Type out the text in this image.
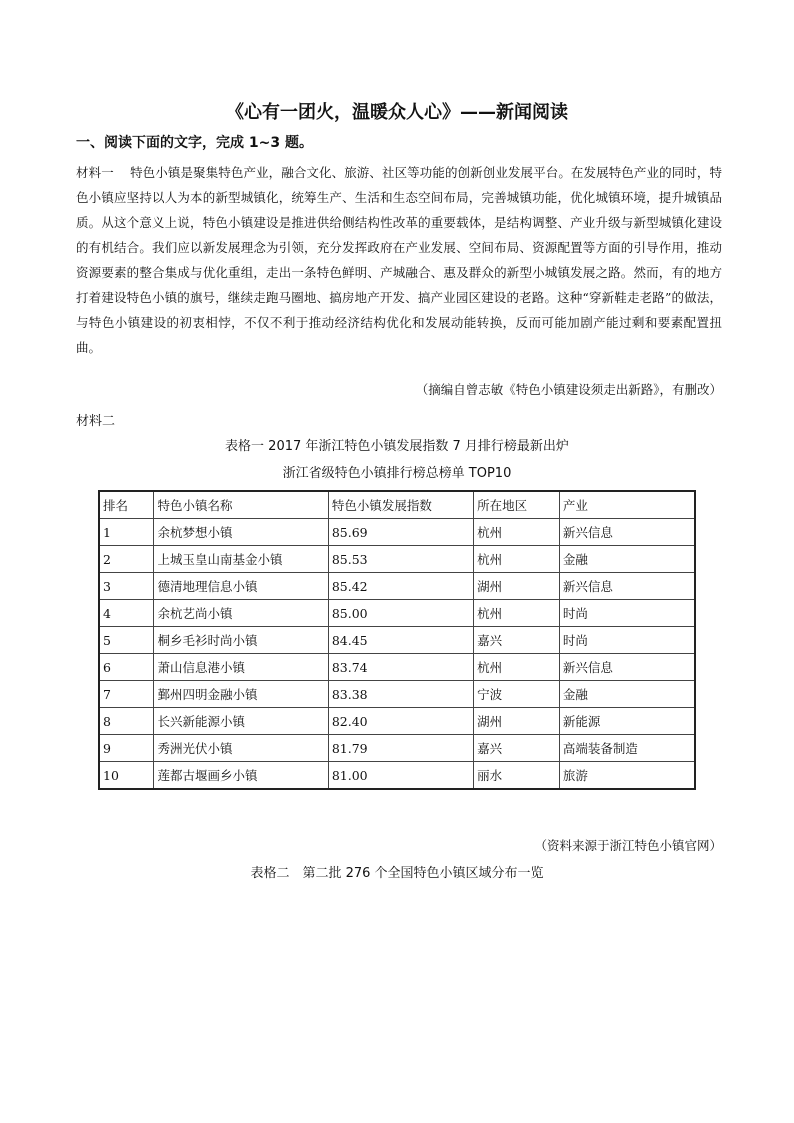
《心有一团火，温暖众人心》——新闻阅读
一、阅读下面的文字，完成 1~3 题。
材料一 特色小镇是聚集特色产业，融合文化、旅游、社区等功能的创新创业发展平台。在发展特色产业的同时，特色小镇应坚持以人为本的新型城镇化，统筹生产、生活和生态空间布局，完善城镇功能，优化城镇环境，提升城镇品质。从这个意义上说，特色小镇建设是推进供给侧结构性改革的重要载体，是结构调整、产业升级与新型城镇化建设的有机结合。我们应以新发展理念为引领，充分发挥政府在产业发展、空间布局、资源配置等方面的引导作用，推动资源要素的整合集成与优化重组，走出一条特色鲜明、产城融合、惠及群众的新型小城镇发展之路。然而，有的地方打着建设特色小镇的旗号，继续走跑马圈地、搞房地产开发、搞产业园区建设的老路。这种“穿新鞋走老路”的做法，与特色小镇建设的初衷相悖，不仅不利于推动经济结构优化和发展动能转换，反而可能加剧产能过剩和要素配置扭曲。
（摘编自曾志敏《特色小镇建设须走出新路》，有删改）
材料二
表格一 2017 年浙江特色小镇发展指数 7 月排行榜最新出炉
浙江省级特色小镇排行榜总榜单 TOP10
排名	特色小镇名称	特色小镇发展指数	所在地区	产业
1	余杭梦想小镇	85.69	杭州	新兴信息
2	上城玉皇山南基金小镇	85.53	杭州	金融
3	德清地理信息小镇	85.42	湖州	新兴信息
4	余杭艺尚小镇	85.00	杭州	时尚
5	桐乡毛衫时尚小镇	84.45	嘉兴	时尚
6	萧山信息港小镇	83.74	杭州	新兴信息
7	鄞州四明金融小镇	83.38	宁波	金融
8	长兴新能源小镇	82.40	湖州	新能源
9	秀洲光伏小镇	81.79	嘉兴	高端装备制造
10	莲都古堰画乡小镇	81.00	丽水	旅游
（资料来源于浙江特色小镇官网）
表格二　第二批 276 个全国特色小镇区域分布一览
